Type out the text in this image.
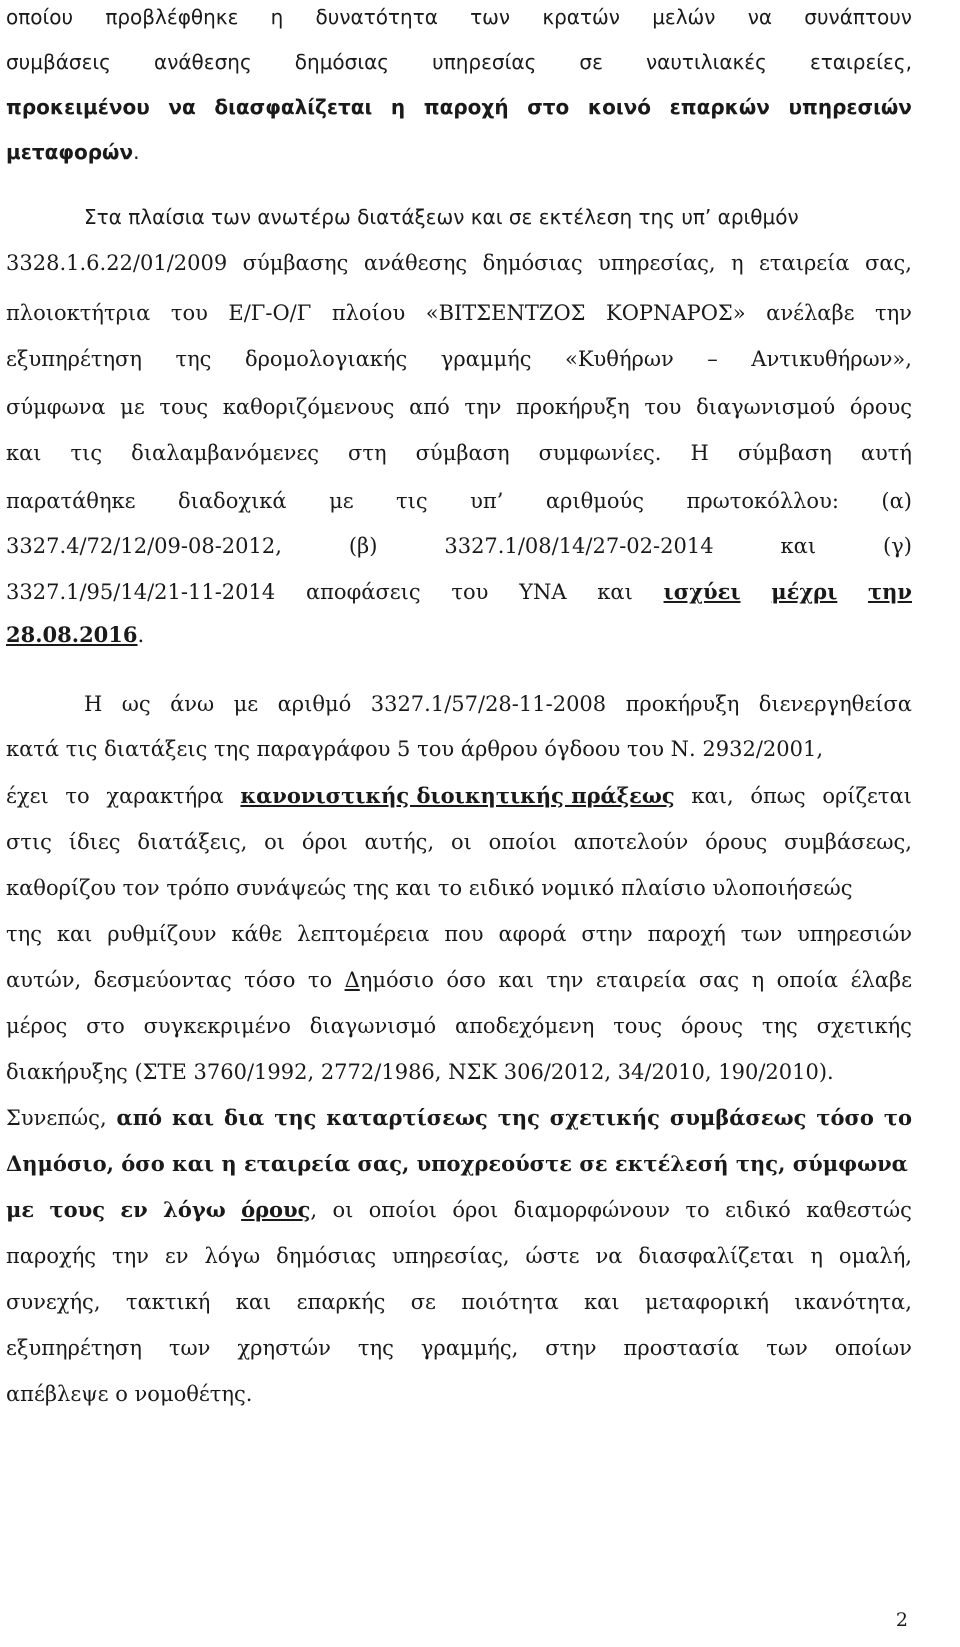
οποίου προβλέφθηκε η δυνατότητα των κρατών μελών να συνάπτουν
συμβάσεις ανάθεσης δημόσιας υπηρεσίας σε ναυτιλιακές εταιρείες,
προκειμένου να διασφαλίζεται η παροχή στο κοινό επαρκών υπηρεσιών
μεταφορών.
Στα πλαίσια των ανωτέρω διατάξεων και σε εκτέλεση της υπ’ αριθμόν
3328.1.6.22/01/2009 σύμβασης ανάθεσης δημόσιας υπηρεσίας, η εταιρεία σας,
πλοιοκτήτρια του Ε/Γ-Ο/Γ πλοίου «ΒΙΤΣΕΝΤΖΟΣ ΚΟΡΝΑΡΟΣ» ανέλαβε την
εξυπηρέτηση της δρομολογιακής γραμμής «Κυθήρων – Αντικυθήρων»,
σύμφωνα με τους καθοριζόμενους από την προκήρυξη του διαγωνισμού όρους
και τις διαλαμβανόμενες στη σύμβαση συμφωνίες. Η σύμβαση αυτή
παρατάθηκε διαδοχικά με τις υπ’ αριθμούς πρωτοκόλλου: (α)
3327.4/72/12/09-08-2012,	(β)	3327.1/08/14/27-02-2014	και	(γ)
3327.1/95/14/21-11-2014 αποφάσεις του ΥΝΑ και ισχύει μέχρι την
28.08.2016.
Η ως άνω με αριθμό 3327.1/57/28-11-2008 προκήρυξη διενεργηθείσα
κατά τις διατάξεις της παραγράφου 5 του άρθρου όγδοου του Ν. 2932/2001,
έχει το χαρακτήρα κανονιστικής διοικητικής πράξεως και, όπως ορίζεται
στις ίδιες διατάξεις, οι όροι αυτής, οι οποίοι αποτελούν όρους συμβάσεως,
καθορίζου τον τρόπο συνάψεώς της και το ειδικό νομικό πλαίσιο υλοποιήσεώς
της και ρυθμίζουν κάθε λεπτομέρεια που αφορά στην παροχή των υπηρεσιών
αυτών, δεσμεύοντας τόσο το Δημόσιο όσο και την εταιρεία σας η οποία έλαβε
μέρος στο συγκεκριμένο διαγωνισμό αποδεχόμενη τους όρους της σχετικής
διακήρυξης (ΣΤΕ 3760/1992, 2772/1986, ΝΣΚ 306/2012, 34/2010, 190/2010).
Συνεπώς, από και δια της καταρτίσεως της σχετικής συμβάσεως τόσο το
Δημόσιο, όσο και η εταιρεία σας, υποχρεούστε σε εκτέλεσή της, σύμφωνα
με τους εν λόγω όρους, οι οποίοι όροι διαμορφώνουν το ειδικό καθεστώς
παροχής την εν λόγω δημόσιας υπηρεσίας, ώστε να διασφαλίζεται η ομαλή,
συνεχής, τακτική και επαρκής σε ποιότητα και μεταφορική ικανότητα,
εξυπηρέτηση των χρηστών της γραμμής, στην προστασία των οποίων
απέβλεψε ο νομοθέτης.
2
